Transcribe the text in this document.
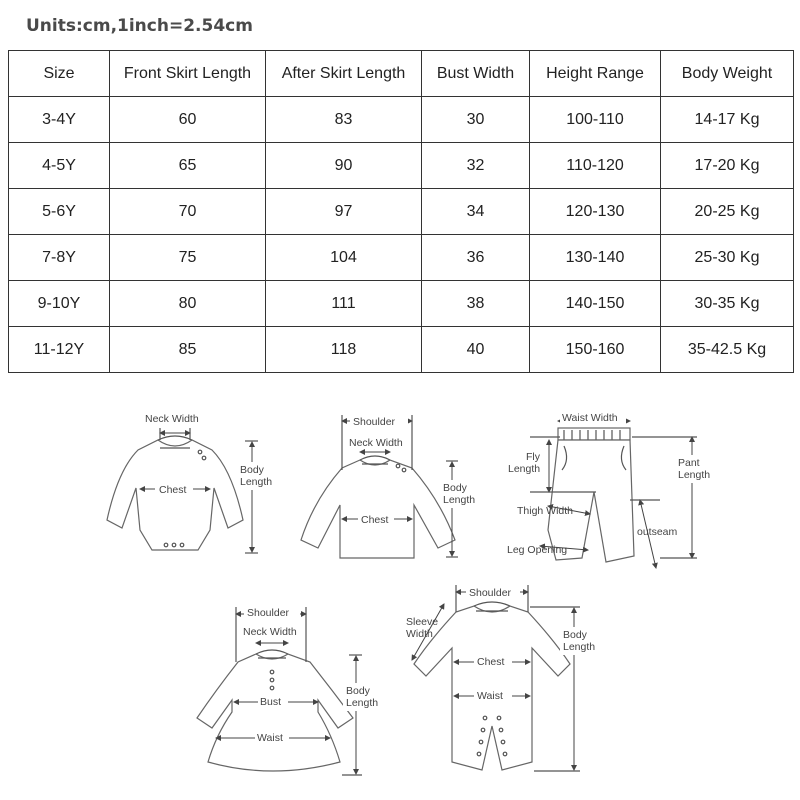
Units:cm,1inch=2.54cm
Size	Front Skirt Length	After Skirt Length	Bust Width	Height Range	Body Weight
3-4Y	60	83	30	100-110	14-17 Kg
4-5Y	65	90	32	110-120	17-20 Kg
5-6Y	70	97	34	120-130	20-25 Kg
7-8Y	75	104	36	130-140	25-30 Kg
9-10Y	80	111	38	140-150	30-35 Kg
11-12Y	85	118	40	150-160	35-42.5 Kg
Neck Width
Chest
Body
Length
Shoulder
Neck Width
Chest
Body
Length
Waist Width
Fly
Length	Pant
Length
Thigh Width
outseam
Leg Opening
Shoulder
Neck Width
Bust
Waist
Body
Length
Shoulder
Sleeve
Width
Chest
Waist
Body
Length
